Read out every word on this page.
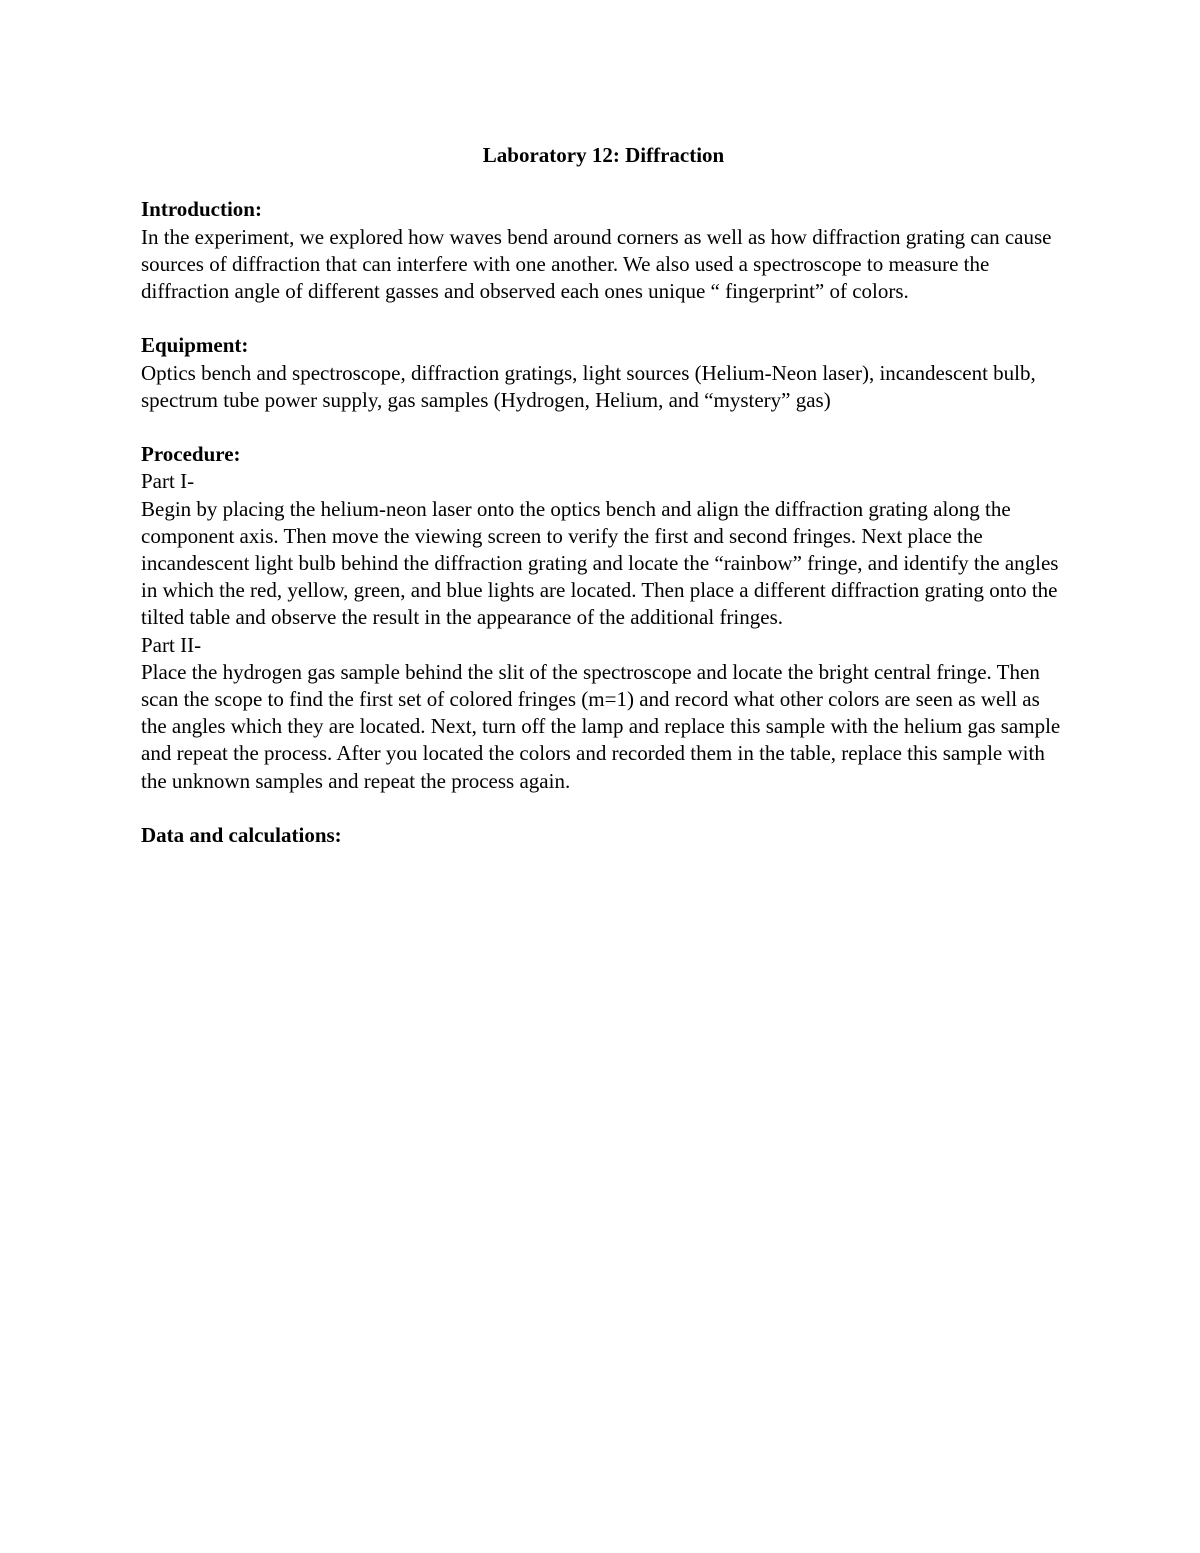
Laboratory 12: Diffraction
Introduction:

In the experiment, we explored how waves bend around corners as well as how diffraction grating can cause sources of diffraction that can interfere with one another. We also used a spectroscope to measure the diffraction angle of different gasses and observed each ones unique “ fingerprint” of colors.

Equipment:

Optics bench and spectroscope, diffraction gratings, light sources (Helium-Neon laser), incandescent bulb, spectrum tube power supply, gas samples (Hydrogen, Helium, and “mystery” gas)

Procedure:

Part I-

Begin by placing the helium-neon laser onto the optics bench and align the diffraction grating along the component axis. Then move the viewing screen to verify the first and second fringes. Next place the incandescent light bulb behind the diffraction grating and locate the “rainbow” fringe, and identify the angles in which the red, yellow, green, and blue lights are located. Then place a different diffraction grating onto the tilted table and observe the result in the appearance of the additional fringes.

Part II-

Place the hydrogen gas sample behind the slit of the spectroscope and locate the bright central fringe. Then scan the scope to find the first set of colored fringes (m=1) and record what other colors are seen as well as the angles which they are located. Next, turn off the lamp and replace this sample with the helium gas sample and repeat the process. After you located the colors and recorded them in the table, replace this sample with the unknown samples and repeat the process again.

Data and calculations:
